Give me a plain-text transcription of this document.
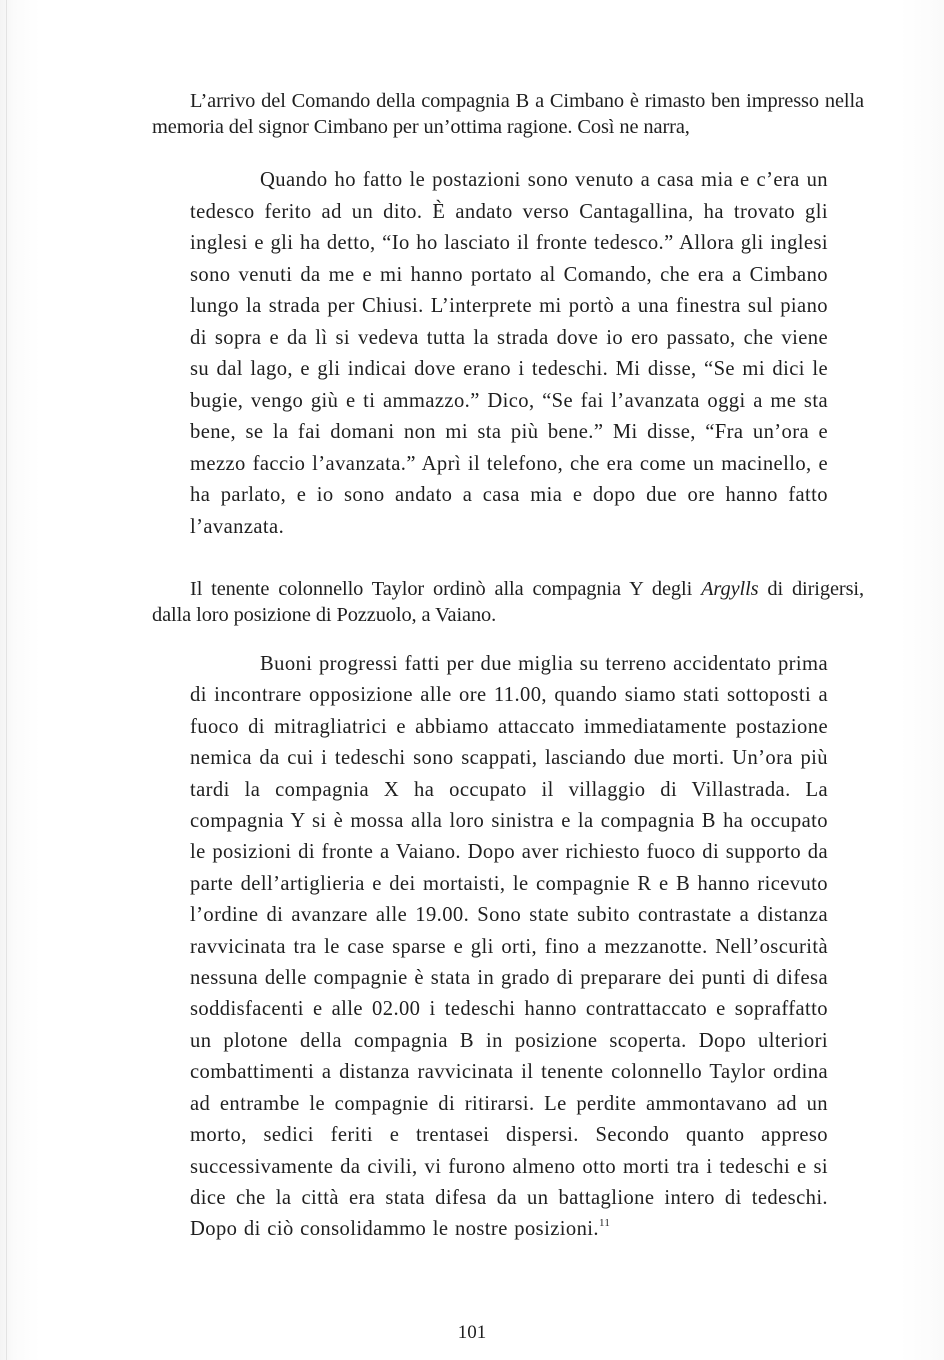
L’arrivo del Comando della compagnia B a Cimbano è rimasto ben impresso nella memoria del signor Cimbano per un’ottima ragione. Così ne narra,

Quando ho fatto le postazioni sono venuto a casa mia e c’era un tedesco ferito ad un dito. È andato verso Cantagallina, ha trovato gli inglesi e gli ha detto, “Io ho lasciato il fronte tedesco.” Allora gli inglesi sono venuti da me e mi hanno portato al Comando, che era a Cimbano lungo la strada per Chiusi. L’interprete mi portò a una finestra sul piano di sopra e da lì si vedeva tutta la strada dove io ero passato, che viene su dal lago, e gli indicai dove erano i tedeschi. Mi disse, “Se mi dici le bugie, vengo giù e ti ammazzo.” Dico, “Se fai l’avanzata oggi a me sta bene, se la fai domani non mi sta più bene.” Mi disse, “Fra un’ora e mezzo faccio l’avanzata.” Aprì il telefono, che era come un macinello, e ha parlato, e io sono andato a casa mia e dopo due ore hanno fatto l’avanzata.

Il tenente colonnello Taylor ordinò alla compagnia Y degli Argylls di dirigersi, dalla loro posizione di Pozzuolo, a Vaiano.

Buoni progressi fatti per due miglia su terreno accidentato prima di incontrare opposizione alle ore 11.00, quando siamo stati sottoposti a fuoco di mitragliatrici e abbiamo attaccato immediatamente postazione nemica da cui i tedeschi sono scappati, lasciando due morti. Un’ora più tardi la compagnia X ha occupato il villaggio di Villastrada. La compagnia Y si è mossa alla loro sinistra e la compagnia B ha occupato le posizioni di fronte a Vaiano. Dopo aver richiesto fuoco di supporto da parte dell’artiglieria e dei mortaisti, le compagnie R e B hanno ricevuto l’ordine di avanzare alle 19.00. Sono state subito contrastate a distanza ravvicinata tra le case sparse e gli orti, fino a mezzanotte. Nell’oscurità nessuna delle compagnie è stata in grado di preparare dei punti di difesa soddisfacenti e alle 02.00 i tedeschi hanno contrattaccato e sopraffatto un plotone della compagnia B in posizione scoperta. Dopo ulteriori combattimenti a distanza ravvicinata il tenente colonnello Taylor ordina ad entrambe le compagnie di ritirarsi. Le perdite ammontavano ad un morto, sedici feriti e trentasei dispersi. Secondo quanto appreso successivamente da civili, vi furono almeno otto morti tra i tedeschi e si dice che la città era stata difesa da un battaglione intero di tedeschi. Dopo di ciò consolidammo le nostre posizioni.$^{11}$

101
